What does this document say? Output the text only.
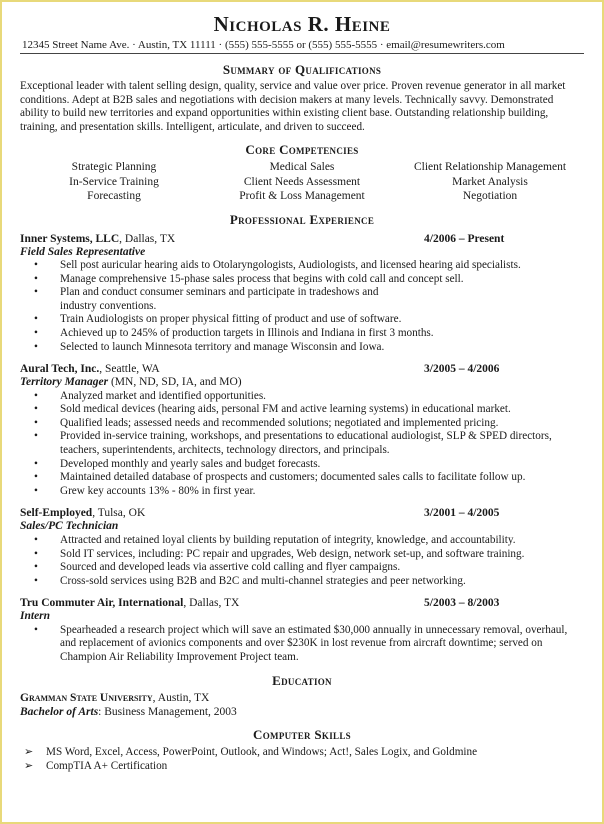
Nicholas R. Heine
12345 Street Name Ave. · Austin, TX 11111 · (555) 555-5555 or (555) 555-5555 · email@resumewriters.com
Summary of Qualifications

Exceptional leader with talent selling design, quality, service and value over price. Proven revenue generator in all market conditions. Adept at B2B sales and negotiations with decision makers at many levels. Technically savvy. Demonstrated ability to build new territories and expand opportunities within existing client base. Outstanding relationship building, training, and presentation skills. Intelligent, articulate, and driven to succeed.

Core Competencies
Strategic Planning	Medical Sales	Client Relationship Management
In-Service Training	Client Needs Assessment	Market Analysis
Forecasting	Profit & Loss Management	Negotiation
Professional Experience
Inner Systems, LLC, Dallas, TX	4/2006 – Present
Field Sales Representative
• Sell post auricular hearing aids to Otolaryngologists, Audiologists, and licensed hearing aid specialists.
• Manage comprehensive 15-phase sales process that begins with cold call and concept sell.
• Plan and conduct consumer seminars and participate in tradeshows and industry conventions.
• Train Audiologists on proper physical fitting of product and use of software.
• Achieved up to 245% of production targets in Illinois and Indiana in first 3 months.
• Selected to launch Minnesota territory and manage Wisconsin and Iowa.
Aural Tech, Inc., Seattle, WA	3/2005 – 4/2006
Territory Manager (MN, ND, SD, IA, and MO)
• Analyzed market and identified opportunities.
• Sold medical devices (hearing aids, personal FM and active learning systems) in educational market.
• Qualified leads; assessed needs and recommended solutions; negotiated and implemented pricing.
• Provided in-service training, workshops, and presentations to educational audiologist, SLP & SPED directors, teachers, superintendents, architects, technology directors, and principals.
• Developed monthly and yearly sales and budget forecasts.
• Maintained detailed database of prospects and customers; documented sales calls to facilitate follow up.
• Grew key accounts 13% - 80% in first year.
Self-Employed, Tulsa, OK	3/2001 – 4/2005
Sales/PC Technician
• Attracted and retained loyal clients by building reputation of integrity, knowledge, and accountability.
• Sold IT services, including: PC repair and upgrades, Web design, network set-up, and software training.
• Sourced and developed leads via assertive cold calling and flyer campaigns.
• Cross-sold services using B2B and B2C and multi-channel strategies and peer networking.
Tru Commuter Air, International, Dallas, TX	5/2003 – 8/2003
Intern
• Spearheaded a research project which will save an estimated $30,000 annually in unnecessary removal, overhaul, and replacement of avionics components and over $230K in lost revenue from aircraft downtime; served on Champion Air Reliability Improvement Project team.
Education
Gramman State University, Austin, TX
Bachelor of Arts: Business Management, 2003
Computer Skills
➢ MS Word, Excel, Access, PowerPoint, Outlook, and Windows; Act!, Sales Logix, and Goldmine
➢ CompTIA A+ Certification
